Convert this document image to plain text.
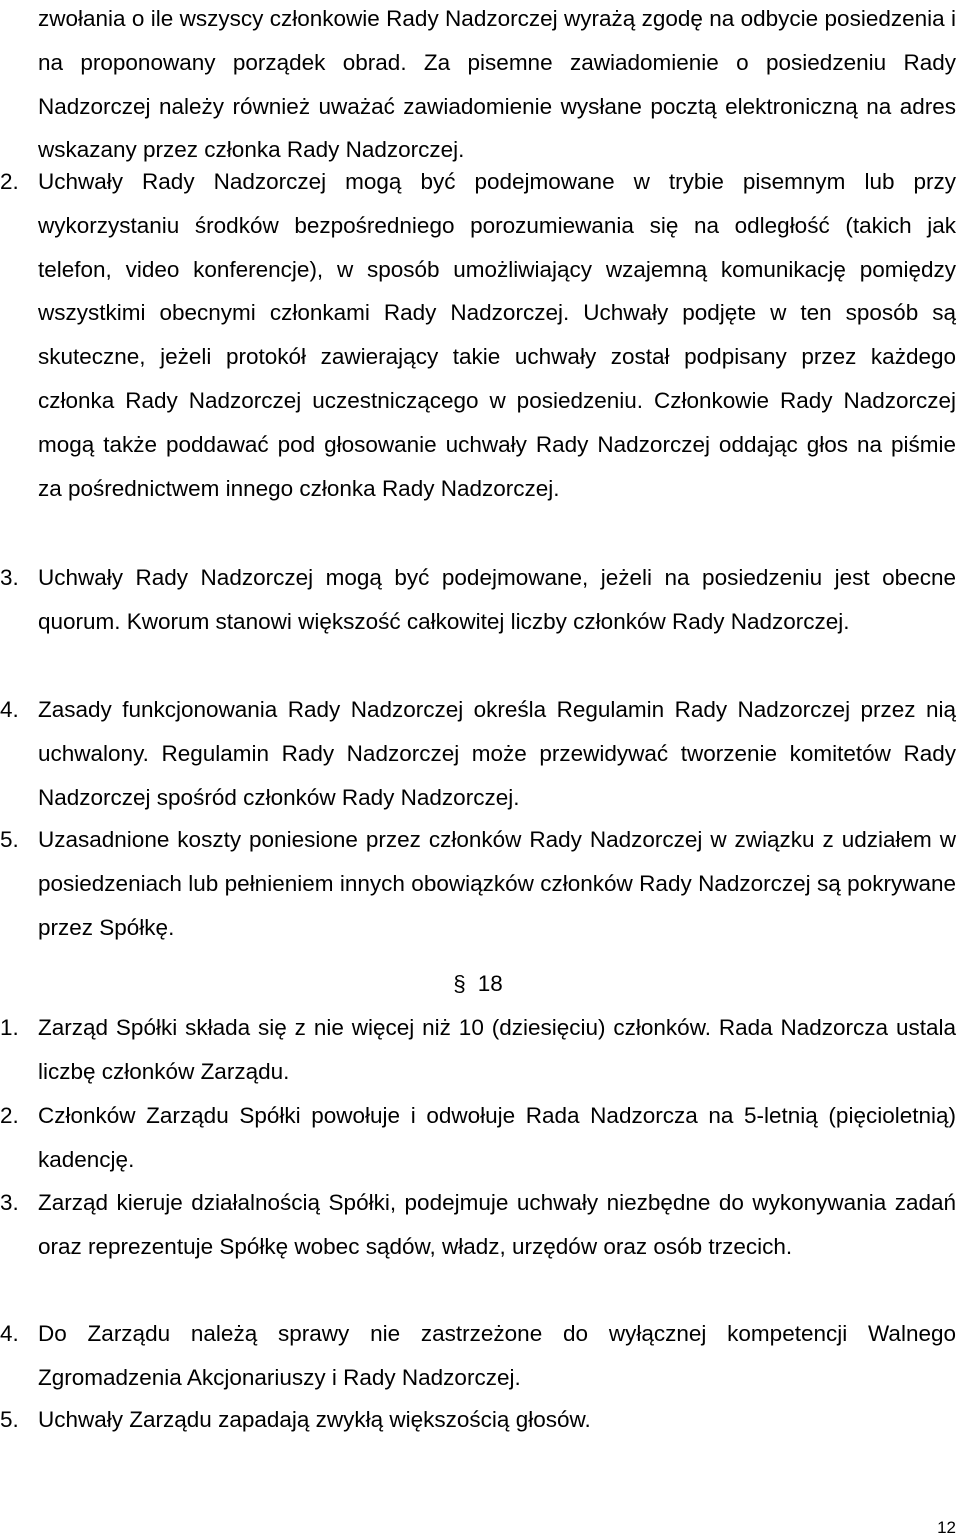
zwołania o ile wszyscy członkowie Rady Nadzorczej wyrażą zgodę na odbycie posiedzenia i na proponowany porządek obrad. Za pisemne zawiadomienie o posiedzeniu Rady Nadzorczej należy również uważać zawiadomienie wysłane pocztą elektroniczną na adres wskazany przez członka Rady Nadzorczej.

2. Uchwały Rady Nadzorczej mogą być podejmowane w trybie pisemnym lub przy wykorzystaniu środków bezpośredniego porozumiewania się na odległość (takich jak telefon, video konferencje), w sposób umożliwiający wzajemną komunikację pomiędzy wszystkimi obecnymi członkami Rady Nadzorczej. Uchwały podjęte w ten sposób są skuteczne, jeżeli protokół zawierający takie uchwały został podpisany przez każdego członka Rady Nadzorczej uczestniczącego w posiedzeniu. Członkowie Rady Nadzorczej mogą także poddawać pod głosowanie uchwały Rady Nadzorczej oddając głos na piśmie za pośrednictwem innego członka Rady Nadzorczej.

3. Uchwały Rady Nadzorczej mogą być podejmowane, jeżeli na posiedzeniu jest obecne quorum. Kworum stanowi większość całkowitej liczby członków Rady Nadzorczej.

4. Zasady funkcjonowania Rady Nadzorczej określa Regulamin Rady Nadzorczej przez nią uchwalony. Regulamin Rady Nadzorczej może przewidywać tworzenie komitetów Rady Nadzorczej spośród członków Rady Nadzorczej.

5. Uzasadnione koszty poniesione przez członków Rady Nadzorczej w związku z udziałem w posiedzeniach lub pełnieniem innych obowiązków członków Rady Nadzorczej są pokrywane przez Spółkę.

§ 18
1. Zarząd Spółki składa się z nie więcej niż 10 (dziesięciu) członków. Rada Nadzorcza ustala liczbę członków Zarządu.

2. Członków Zarządu Spółki powołuje i odwołuje Rada Nadzorcza na 5-letnią (pięcioletnią) kadencję.

3. Zarząd kieruje działalnością Spółki, podejmuje uchwały niezbędne do wykonywania zadań oraz reprezentuje Spółkę wobec sądów, władz, urzędów oraz osób trzecich.

4. Do Zarządu należą sprawy nie zastrzeżone do wyłącznej kompetencji Walnego Zgromadzenia Akcjonariuszy i Rady Nadzorczej.

5. Uchwały Zarządu zapadają zwykłą większością głosów.

12
